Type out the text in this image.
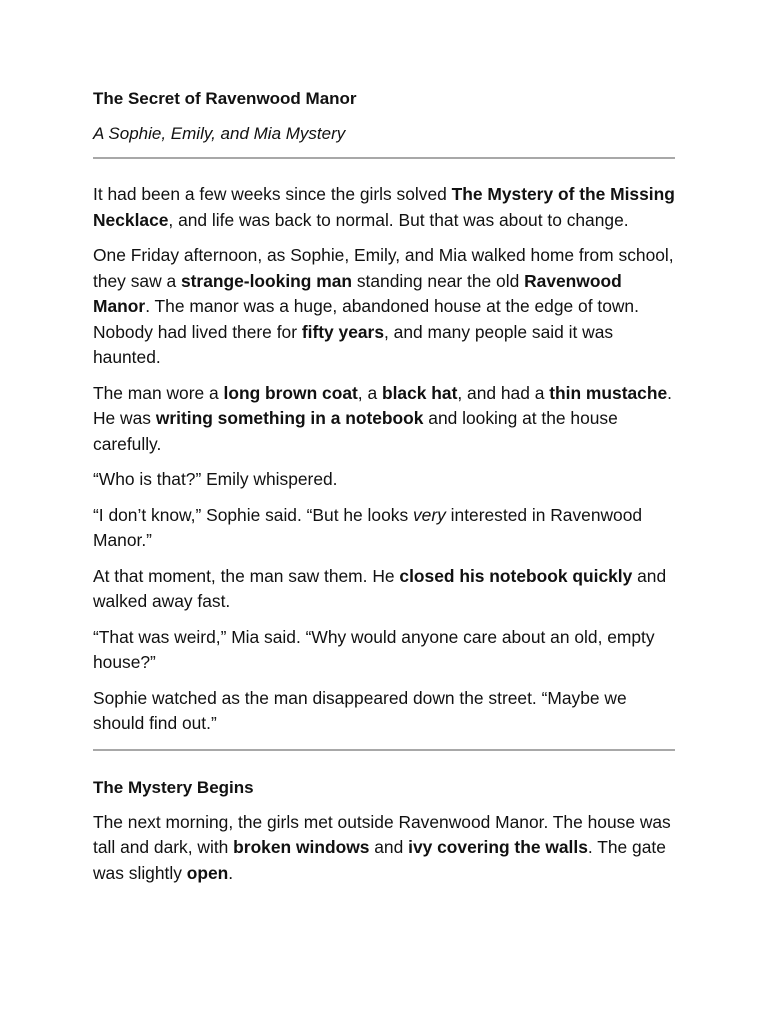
The Secret of Ravenwood Manor
A Sophie, Emily, and Mia Mystery

It had been a few weeks since the girls solved The Mystery of the Missing Necklace, and life was back to normal. But that was about to change.

One Friday afternoon, as Sophie, Emily, and Mia walked home from school, they saw a strange-looking man standing near the old Ravenwood Manor. The manor was a huge, abandoned house at the edge of town. Nobody had lived there for fifty years, and many people said it was haunted.

The man wore a long brown coat, a black hat, and had a thin mustache. He was writing something in a notebook and looking at the house carefully.

“Who is that?” Emily whispered.

“I don’t know,” Sophie said. “But he looks very interested in Ravenwood Manor.”

At that moment, the man saw them. He closed his notebook quickly and walked away fast.

“That was weird,” Mia said. “Why would anyone care about an old, empty house?”

Sophie watched as the man disappeared down the street. “Maybe we should find out.”

The Mystery Begins

The next morning, the girls met outside Ravenwood Manor. The house was tall and dark, with broken windows and ivy covering the walls. The gate was slightly open.
